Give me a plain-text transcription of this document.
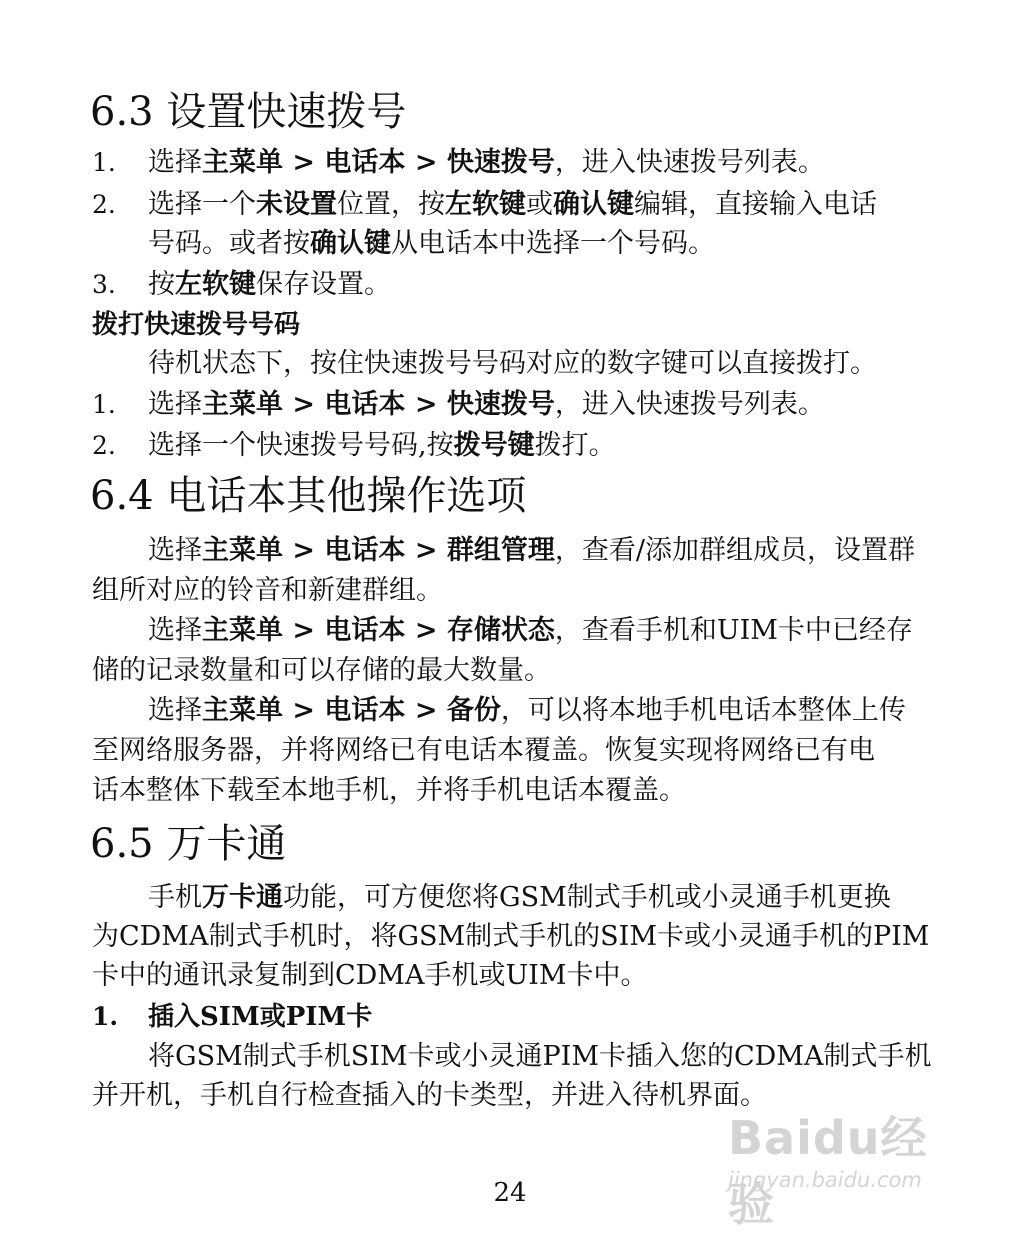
6.3 设置快速拨号
1. 选择主菜单 > 电话本 > 快速拨号，进入快速拨号列表。
2. 选择一个未设置位置，按左软键或确认键编辑，直接输入电话
号码。或者按确认键从电话本中选择一个号码。
3. 按左软键保存设置。
拨打快速拨号号码
待机状态下，按住快速拨号号码对应的数字键可以直接拨打。
1. 选择主菜单 > 电话本 > 快速拨号，进入快速拨号列表。
2. 选择一个快速拨号号码,按拨号键拨打。
6.4 电话本其他操作选项
选择主菜单 > 电话本 > 群组管理，查看/添加群组成员，设置群
组所对应的铃音和新建群组。
选择主菜单 > 电话本 > 存储状态，查看手机和UIM卡中已经存
储的记录数量和可以存储的最大数量。
选择主菜单 > 电话本 > 备份，可以将本地手机电话本整体上传
至网络服务器，并将网络已有电话本覆盖。恢复实现将网络已有电
话本整体下载至本地手机，并将手机电话本覆盖。
6.5 万卡通
手机万卡通功能，可方便您将GSM制式手机或小灵通手机更换
为CDMA制式手机时，将GSM制式手机的SIM卡或小灵通手机的PIM
卡中的通讯录复制到CDMA手机或UIM卡中。
1. 插入SIM或PIM卡
将GSM制式手机SIM卡或小灵通PIM卡插入您的CDMA制式手机
并开机，手机自行检查插入的卡类型，并进入待机界面。
24
Baidu经验
jingyan.baidu.com
